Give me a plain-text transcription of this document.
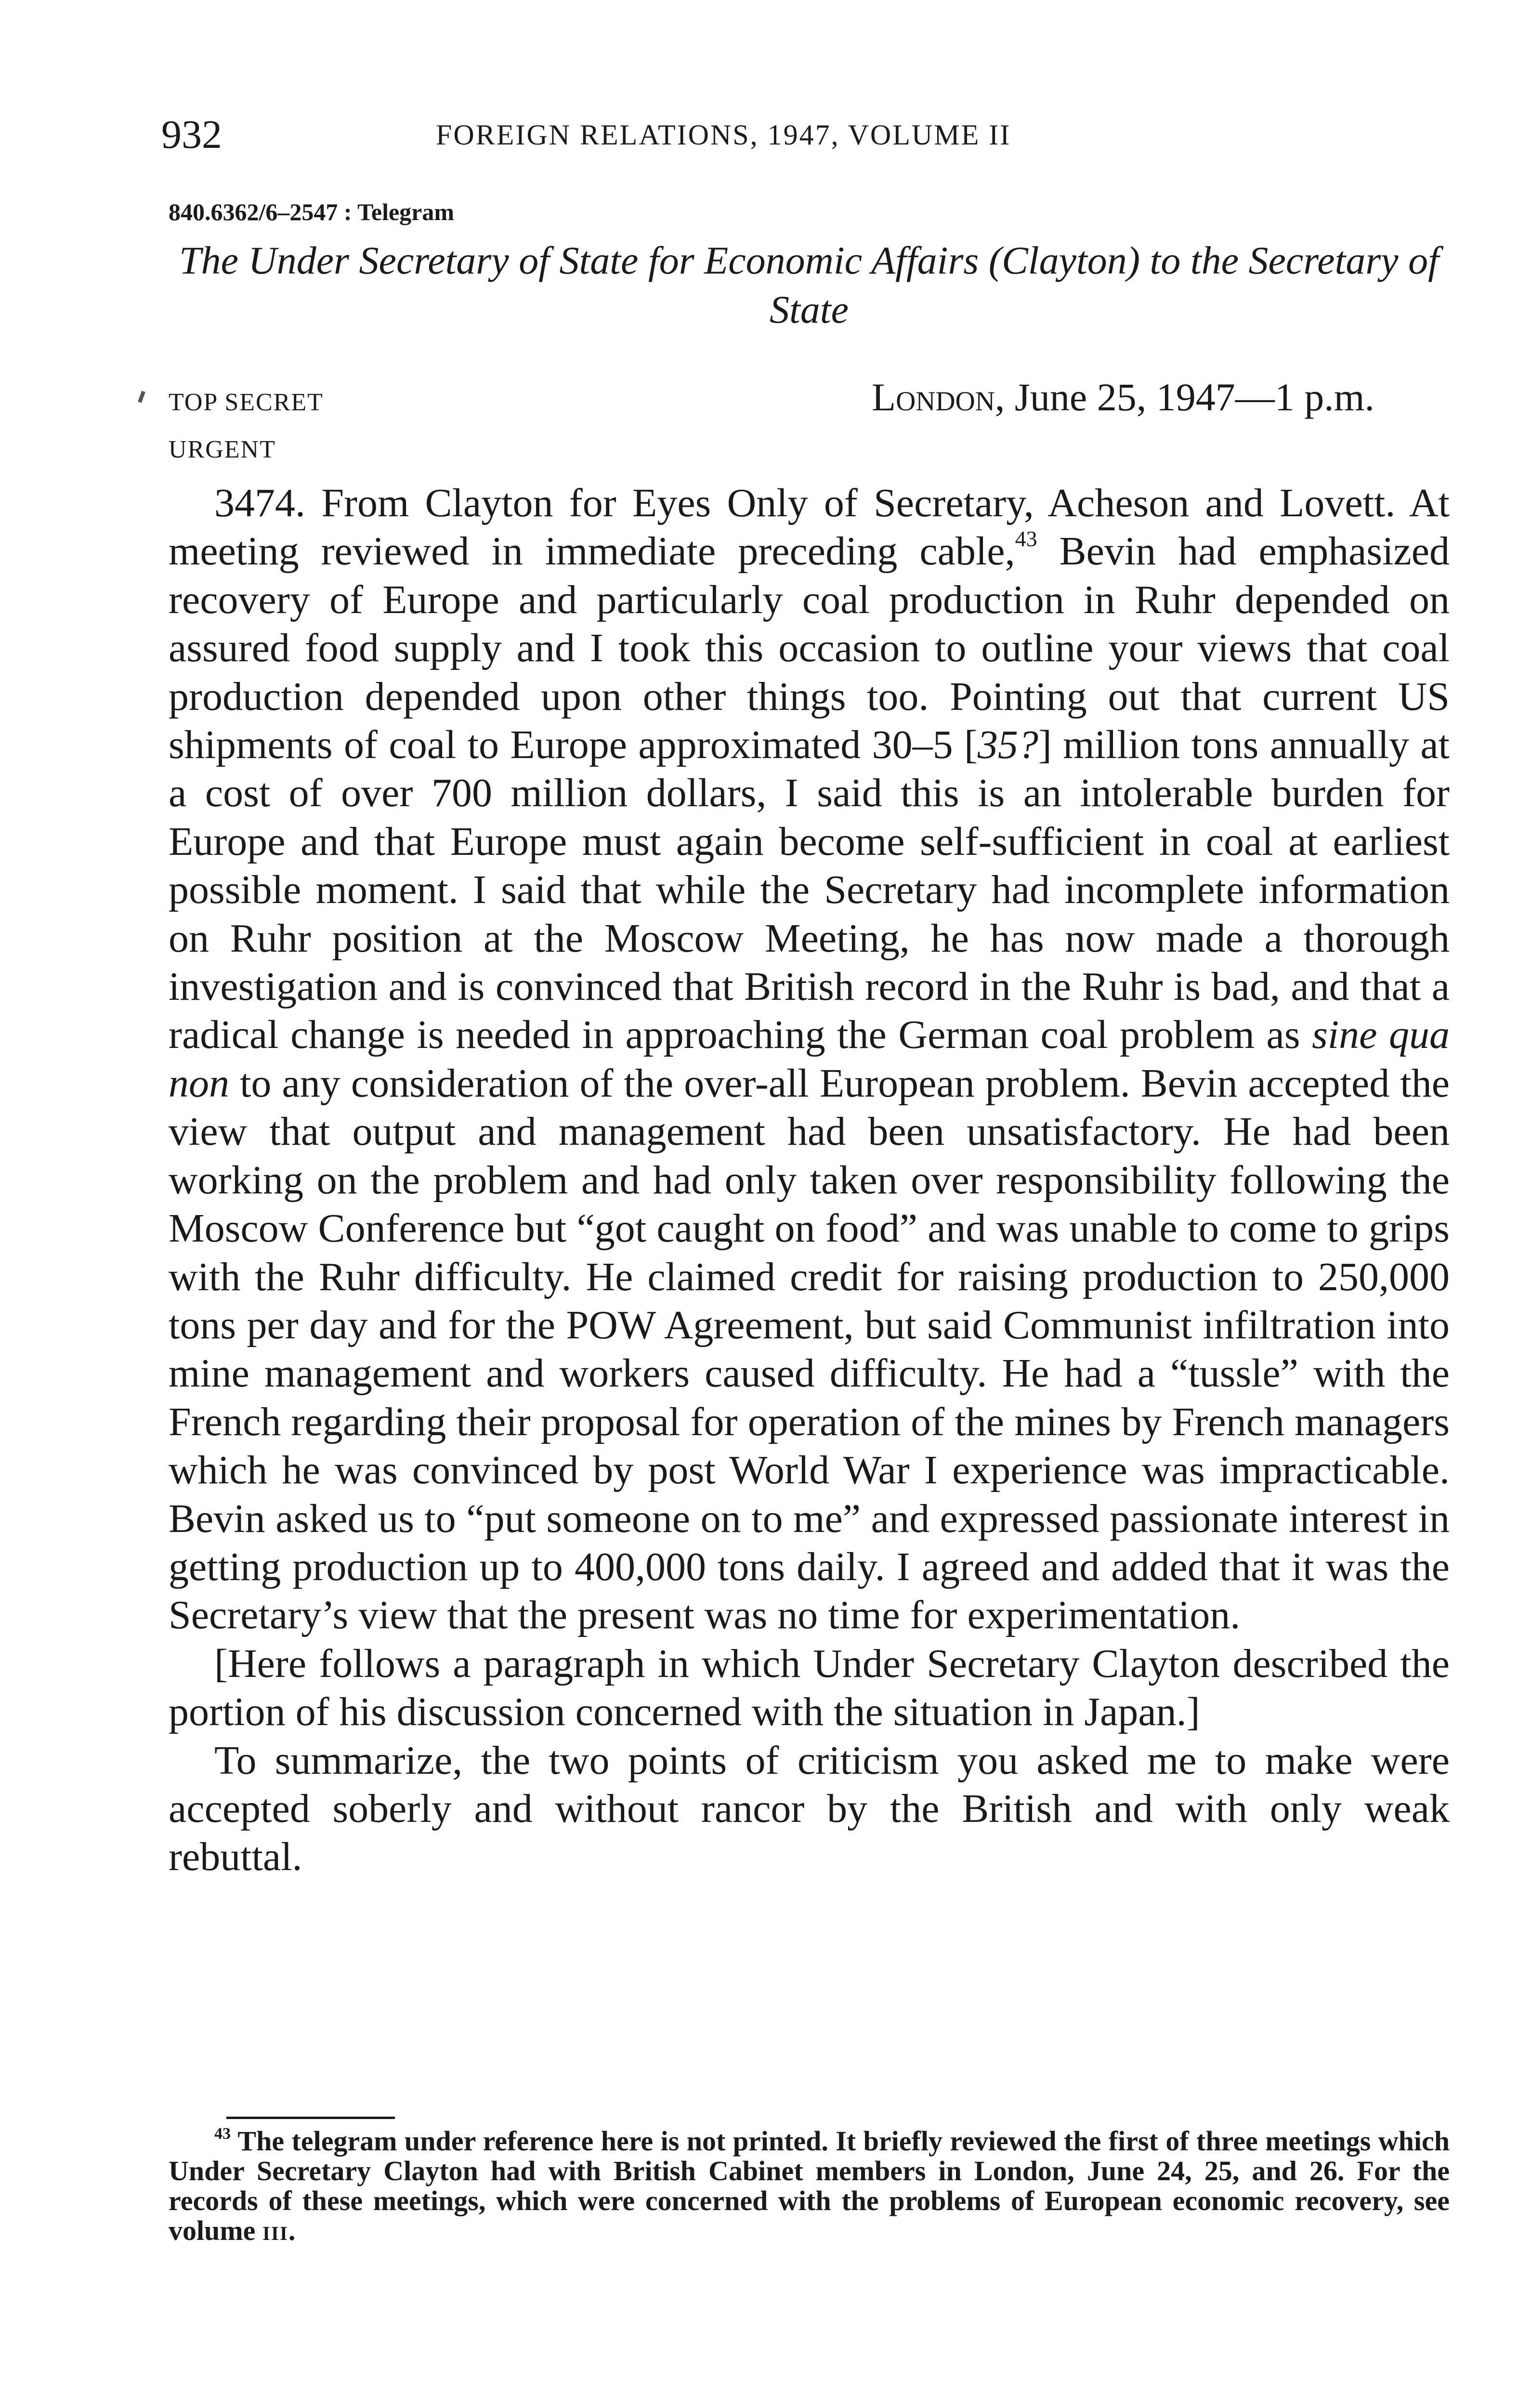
932	FOREIGN RELATIONS, 1947, VOLUME II
840.6362/6–2547 : Telegram
The Under Secretary of State for Economic Affairs (Clayton) to the Secretary of State
TOP SECRET
URGENT
London, June 25, 1947—1 p.m.

3474. From Clayton for Eyes Only of Secretary, Acheson and Lovett. At meeting reviewed in immediate preceding cable,$^{43}$ Bevin had emphasized recovery of Europe and particularly coal production in Ruhr depended on assured food supply and I took this occasion to outline your views that coal production depended upon other things too. Pointing out that current US shipments of coal to Europe approximated 30–5 [35?] million tons annually at a cost of over 700 million dollars, I said this is an intolerable burden for Europe and that Europe must again become self-sufficient in coal at earliest possible moment. I said that while the Secretary had incomplete information on Ruhr position at the Moscow Meeting, he has now made a thorough investigation and is convinced that British record in the Ruhr is bad, and that a radical change is needed in approaching the German coal problem as sine qua non to any consideration of the over-all European problem. Bevin accepted the view that output and management had been unsatisfactory. He had been working on the problem and had only taken over responsibility following the Moscow Conference but “got caught on food” and was unable to come to grips with the Ruhr difficulty. He claimed credit for raising production to 250,000 tons per day and for the POW Agreement, but said Communist infiltration into mine management and workers caused difficulty. He had a “tussle” with the French regarding their proposal for operation of the mines by French managers which he was convinced by post World War I experience was impracticable. Bevin asked us to “put someone on to me” and expressed passionate interest in getting production up to 400,000 tons daily. I agreed and added that it was the Secretary’s view that the present was no time for experimentation.

[Here follows a paragraph in which Under Secretary Clayton described the portion of his discussion concerned with the situation in Japan.]

To summarize, the two points of criticism you asked me to make were accepted soberly and without rancor by the British and with only weak rebuttal.

$^{43}$ The telegram under reference here is not printed. It briefly reviewed the first of three meetings which Under Secretary Clayton had with British Cabinet members in London, June 24, 25, and 26. For the records of these meetings, which were concerned with the problems of European economic recovery, see volume iii.
